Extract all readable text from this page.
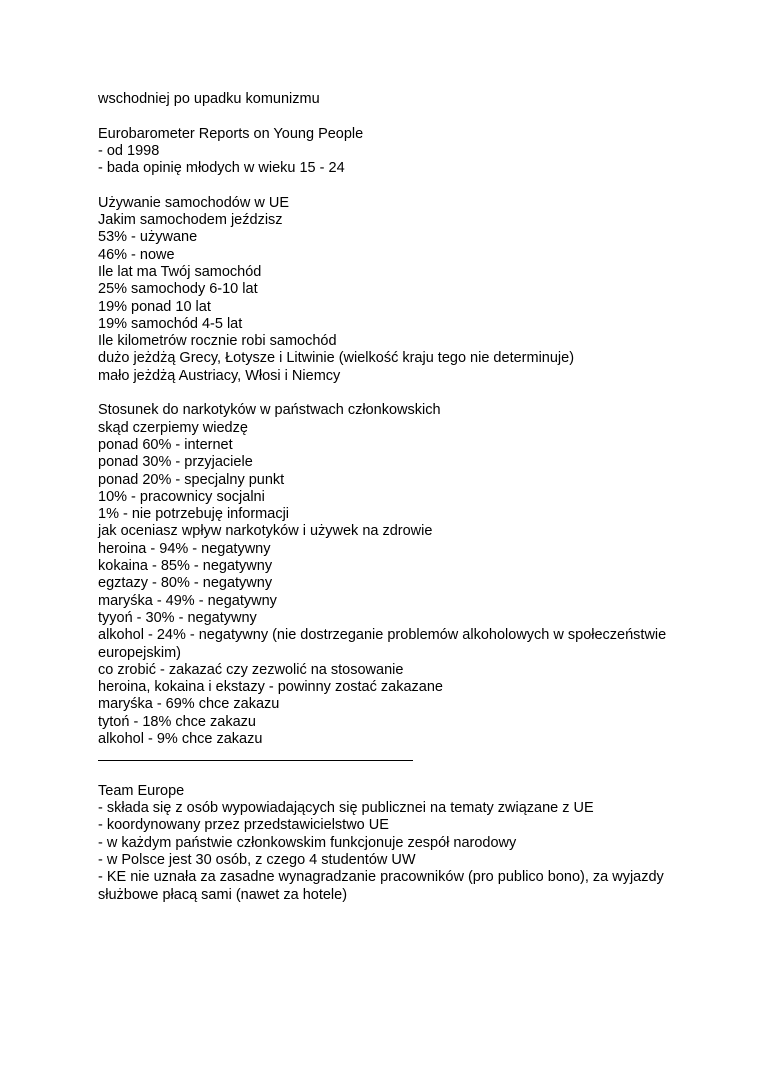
wschodniej po upadku komunizmu
Eurobarometer Reports on Young People
- od 1998
- bada opinię młodych w wieku 15 - 24
Używanie samochodów w UE
Jakim samochodem jeździsz
53% - używane
46% - nowe
Ile lat ma Twój samochód
25% samochody 6-10 lat
19% ponad 10 lat
19% samochód 4-5 lat
Ile kilometrów rocznie robi samochód
dużo jeżdżą Grecy, Łotysze i Litwinie (wielkość kraju tego nie determinuje)
mało jeżdżą Austriacy, Włosi i Niemcy
Stosunek do narkotyków w państwach członkowskich
skąd czerpiemy wiedzę
ponad 60% - internet
ponad 30% - przyjaciele
ponad 20% - specjalny punkt
10% - pracownicy socjalni
1% - nie potrzebuję informacji
jak oceniasz wpływ narkotyków i używek na zdrowie
heroina - 94% - negatywny
kokaina - 85% - negatywny
egztazy - 80% - negatywny
maryśka - 49% - negatywny
tyyoń - 30% - negatywny
alkohol - 24% - negatywny (nie dostrzeganie problemów alkoholowych w społeczeństwie europejskim)
co zrobić - zakazać czy zezwolić na stosowanie
heroina, kokaina i ekstazy - powinny zostać zakazane
maryśka - 69% chce zakazu
tytoń - 18% chce zakazu
alkohol - 9% chce zakazu
Team Europe
- składa się z osób wypowiadających się publicznei na tematy związane z UE
- koordynowany przez przedstawicielstwo UE
- w każdym państwie członkowskim funkcjonuje zespół narodowy
- w Polsce jest 30 osób, z czego 4 studentów UW
- KE nie uznała za zasadne wynagradzanie pracowników (pro publico bono), za wyjazdy służbowe płacą sami (nawet za hotele)
